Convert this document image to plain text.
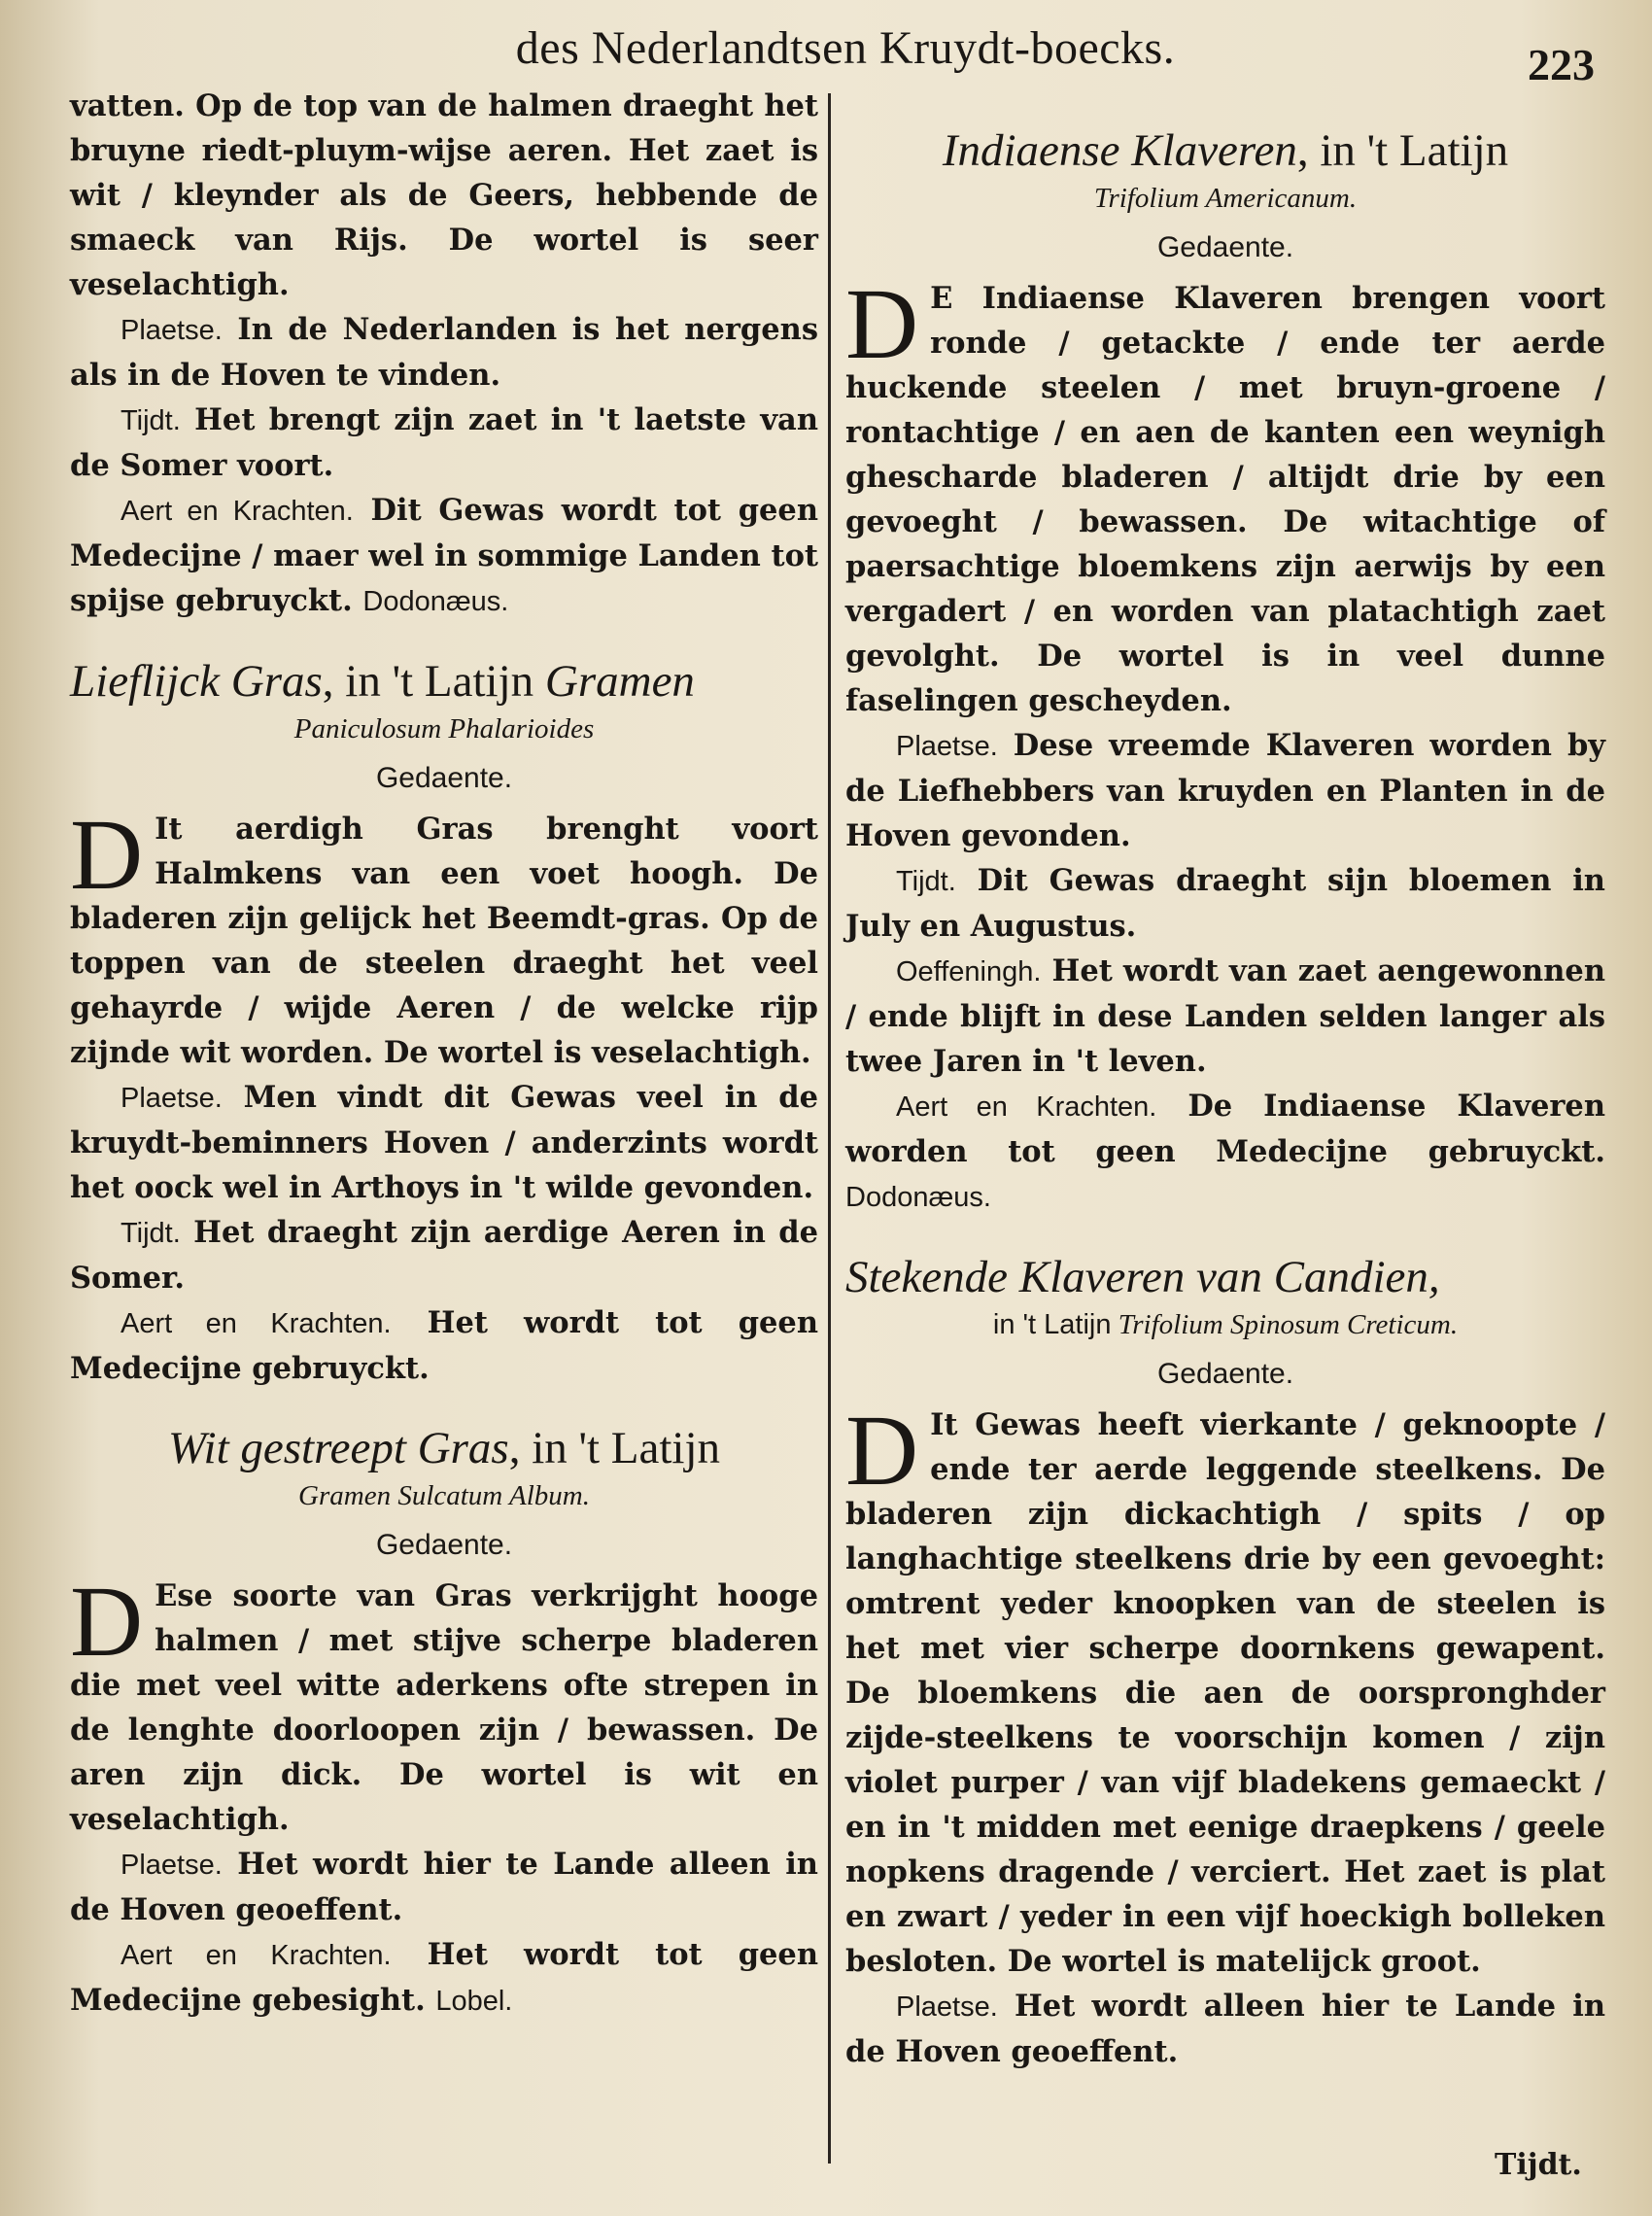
des Nederlandtsen Kruydt-boecks.	223

vatten. Op de top van de halmen draeght het bruyne riedt-pluym-wijse aeren. Het zaet is wit / kleynder als de Geers, hebbende de smaeck van Rijs. De wortel is seer veselachtigh.

Plaetse. In de Nederlanden is het nergens als in de Hoven te vinden.

Tijdt. Het brengt zijn zaet in 't laetste van de Somer voort.

Aert en Krachten. Dit Gewas wordt tot geen Medecijne / maer wel in sommige Landen tot spijse gebruyckt. Dodonæus.

Lieflijck Gras, in 't Latijn Gramen

Paniculosum Phalarioides

Gedaente.

D It aerdigh Gras brenght voort Halmkens van een voet hoogh. De bladeren zijn gelijck het Beemdt-gras. Op de toppen van de steelen draeght het veel gehayrde / wijde Aeren / de welcke rijp zijnde wit worden. De wortel is veselachtigh.

Plaetse. Men vindt dit Gewas veel in de kruydt-beminners Hoven / anderzints wordt het oock wel in Arthoys in 't wilde gevonden.

Tijdt. Het draeght zijn aerdige Aeren in de Somer.

Aert en Krachten. Het wordt tot geen Medecijne gebruyckt.

Wit gestreept Gras, in 't Latijn

Gramen Sulcatum Album.

Gedaente.

D Ese soorte van Gras verkrijght hooge halmen / met stijve scherpe bladeren die met veel witte aderkens ofte strepen in de lenghte doorloopen zijn / bewassen. De aren zijn dick. De wortel is wit en veselachtigh.

Plaetse. Het wordt hier te Lande alleen in de Hoven geoeffent.

Aert en Krachten. Het wordt tot geen Medecijne gebesight. Lobel.

Indiaense Klaveren, in 't Latijn

Trifolium Americanum.

Gedaente.

D E Indiaense Klaveren brengen voort ronde / getackte / ende ter aerde huckende steelen / met bruyn-groene / rontachtige / en aen de kanten een weynigh ghescharde bladeren / altijdt drie by een gevoeght / bewassen. De witachtige of paersachtige bloemkens zijn aerwijs by een vergadert / en worden van platachtigh zaet gevolght. De wortel is in veel dunne faselingen gescheyden.

Plaetse. Dese vreemde Klaveren worden by de Liefhebbers van kruyden en Planten in de Hoven gevonden.

Tijdt. Dit Gewas draeght sijn bloemen in July en Augustus.

Oeffeningh. Het wordt van zaet aengewonnen / ende blijft in dese Landen selden langer als twee Jaren in 't leven.

Aert en Krachten. De Indiaense Klaveren worden tot geen Medecijne gebruyckt. Dodonæus.

Stekende Klaveren van Candien,

in 't Latijn Trifolium Spinosum Creticum.

Gedaente.

D It Gewas heeft vierkante / geknoopte / ende ter aerde leggende steelkens. De bladeren zijn dickachtigh / spits / op langhachtige steelkens drie by een gevoeght: omtrent yeder knoopken van de steelen is het met vier scherpe doornkens gewapent. De bloemkens die aen de oorspronghder zijde-steelkens te voorschijn komen / zijn violet purper / van vijf bladekens gemaeckt / en in 't midden met eenige draepkens / geele nopkens dragende / verciert. Het zaet is plat en zwart / yeder in een vijf hoeckigh bolleken besloten. De wortel is matelijck groot.

Plaetse. Het wordt alleen hier te Lande in de Hoven geoeffent.

Tijdt.
